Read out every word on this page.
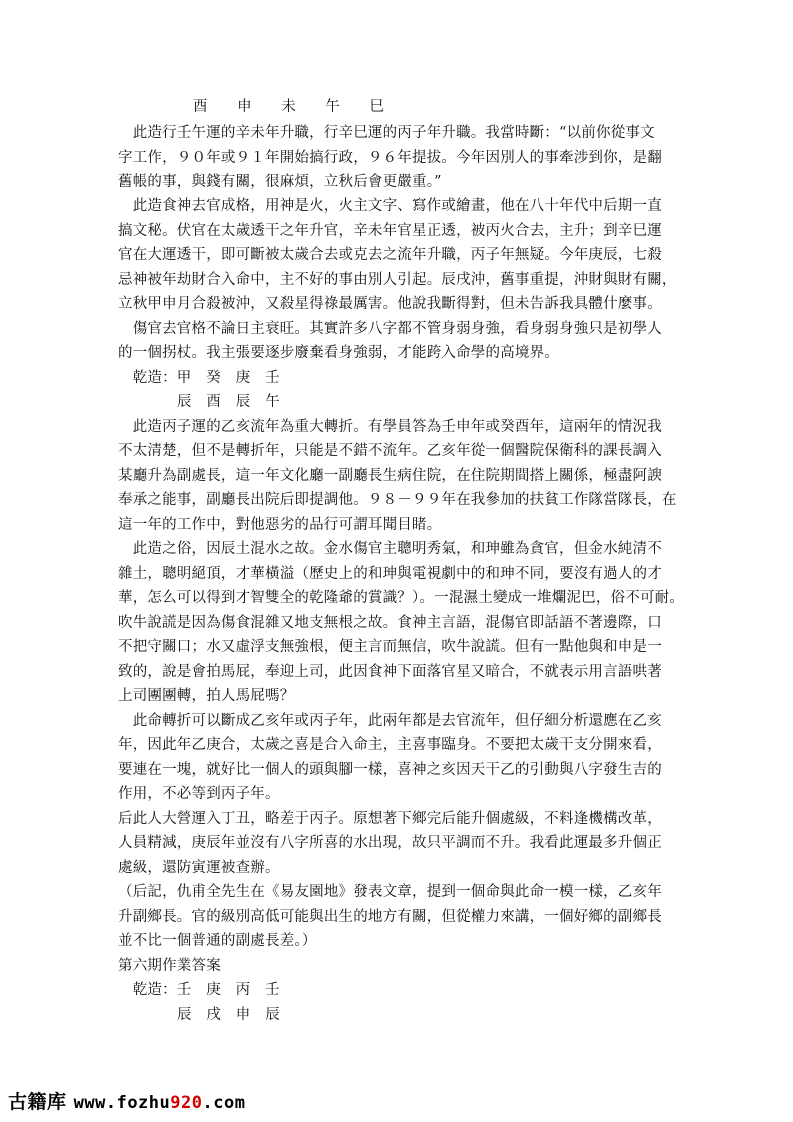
酉　　申　　未　　午　　巳
　此造行壬午運的辛未年升職，行辛巳運的丙子年升職。我當時斷：“以前你從事文
字工作，９０年或９１年開始搞行政，９６年提拔。今年因別人的事牽涉到你，是翻
舊帳的事，與錢有關，很麻煩，立秋后會更嚴重。”
　此造食神去官成格，用神是火，火主文字、寫作或繪畫，他在八十年代中后期一直
搞文秘。伏官在太歲透干之年升官，辛未年官星正透，被丙火合去，主升；到辛巳運
官在大運透干，即可斷被太歲合去或克去之流年升職，丙子年無疑。今年庚辰，七殺
忌神被年劫財合入命中，主不好的事由別人引起。辰戌沖，舊事重提，沖財與財有關，
立秋甲申月合殺被沖，又殺星得祿最厲害。他說我斷得對，但未告訴我具體什麼事。
　傷官去官格不論日主衰旺。其實許多八字都不管身弱身強，看身弱身強只是初學人
的一個拐杖。我主張要逐步廢棄看身強弱，才能跨入命學的高境界。
　乾造：甲　癸　庚　壬
辰　酉　辰　午
　此造丙子運的乙亥流年為重大轉折。有學員答為壬申年或癸酉年，這兩年的情況我
不太清楚，但不是轉折年，只能是不錯不流年。乙亥年從一個醫院保衛科的課長調入
某廳升為副處長，這一年文化廳一副廳長生病住院，在住院期間搭上關係，極盡阿諛
奉承之能事，副廳長出院后即提調他。９８－９９年在我參加的扶貧工作隊當隊長，在
這一年的工作中，對他惡劣的品行可謂耳聞目睹。
　此造之俗，因辰土混水之故。金水傷官主聰明秀氣，和珅雖為貪官，但金水純清不
雜土，聰明絕頂，才華橫溢（歷史上的和珅與電視劇中的和珅不同，要沒有過人的才
華，怎么可以得到才智雙全的乾隆爺的賞識？）。一混濕土變成一堆爛泥巴，俗不可耐。
吹牛說謊是因為傷食混雜又地支無根之故。食神主言語，混傷官即話語不著邊際，口
不把守關口；水又虛浮支無強根，便主言而無信，吹牛說謊。但有一點他與和申是一
致的，說是會拍馬屁，奉迎上司，此因食神下面落官星又暗合，不就表示用言語哄著
上司團團轉，拍人馬屁嗎？
　此命轉折可以斷成乙亥年或丙子年，此兩年都是去官流年，但仔細分析還應在乙亥
年，因此年乙庚合，太歲之喜是合入命主，主喜事臨身。不要把太歲干支分開來看，
要連在一塊，就好比一個人的頭與腳一樣，喜神之亥因天干乙的引動與八字發生吉的
作用，不必等到丙子年。
后此人大營運入丁丑，略差于丙子。原想著下鄉完后能升個處級，不料逢機構改革，
人員精減，庚辰年並沒有八字所喜的水出現，故只平調而不升。我看此運最多升個正
處級，還防寅運被查辦。
（后記，仇甫全先生在《易友園地》發表文章，提到一個命與此命一模一樣，乙亥年
升副鄉長。官的級別高低可能與出生的地方有關，但從權力來講，一個好鄉的副鄉長
並不比一個普通的副處長差。）
第六期作業答案
　乾造：壬　庚　丙　壬
辰　戌　申　辰
古籍库 www.fozhu920.com
